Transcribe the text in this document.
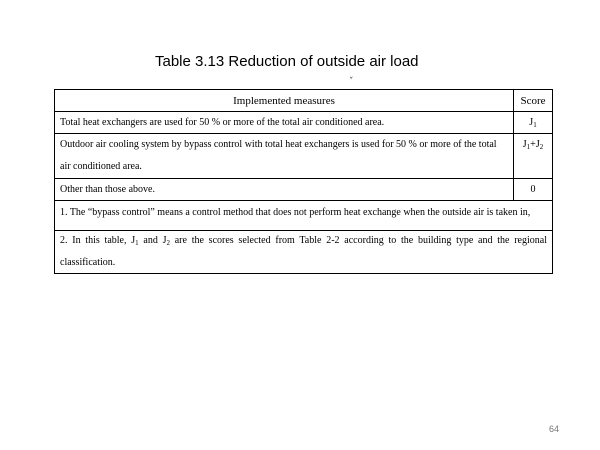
Table 3.13 Reduction of outside air load
ˇ
Implemented measures	Score
Total heat exchangers are used for 50 % or more of the total air conditioned area.	$J_1$
Outdoor air cooling system by bypass control with total heat exchangers is used for 50 % or more of the total air conditioned area.	$J_1+J_2$
Other than those above.	0
1. The “bypass control” means a control method that does not perform heat exchange when the outside air is taken in,	
2. In this table, $J_1$ and $J_2$ are the scores selected from Table 2-2 according to the building type and the regional classification.	
64
